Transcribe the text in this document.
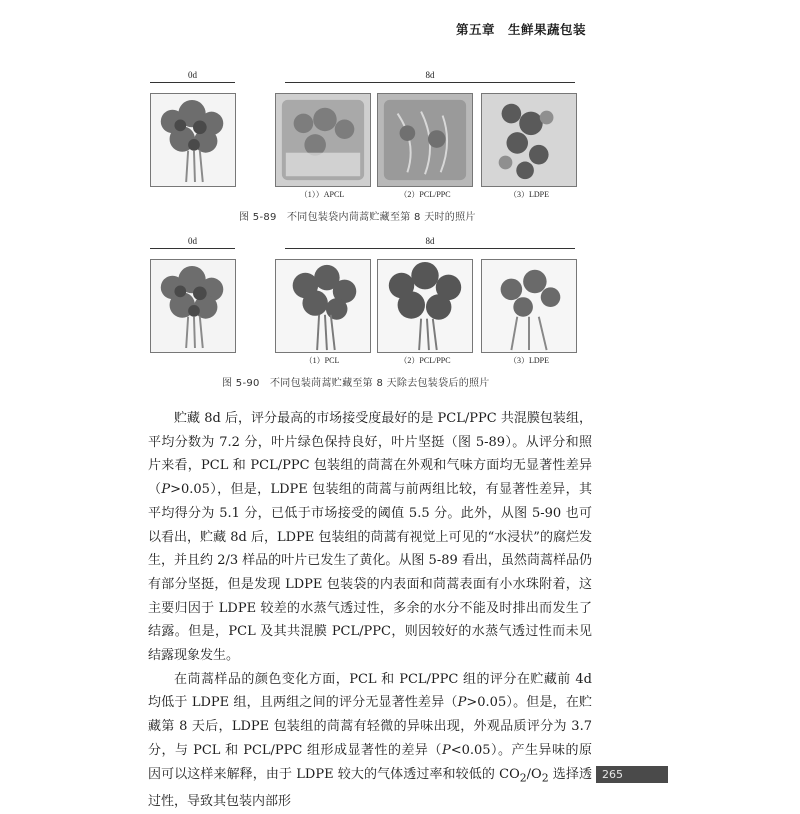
第五章　生鲜果蔬包装
0d	8d
（1））APCL	（2）PCL/PPC	（3）LDPE
图 5-89　不同包装袋内茼蒿贮藏至第 8 天时的照片
0d	8d
（1）PCL	（2）PCL/PPC	（3）LDPE
图 5-90　不同包装茼蒿贮藏至第 8 天除去包装袋后的照片

贮藏 8d 后，评分最高的市场接受度最好的是 PCL/PPC 共混膜包装组，平均分数为 7.2 分，叶片绿色保持良好，叶片坚挺（图 5-89）。从评分和照片来看，PCL 和 PCL/PPC 包装组的茼蒿在外观和气味方面均无显著性差异（P>0.05），但是，LDPE 包装组的茼蒿与前两组比较，有显著性差异，其平均得分为 5.1 分，已低于市场接受的阈值 5.5 分。此外，从图 5-90 也可以看出，贮藏 8d 后，LDPE 包装组的茼蒿有视觉上可见的“水浸状”的腐烂发生，并且约 2/3 样品的叶片已发生了黄化。从图 5-89 看出，虽然茼蒿样品仍有部分坚挺，但是发现 LDPE 包装袋的内表面和茼蒿表面有小水珠附着，这主要归因于 LDPE 较差的水蒸气透过性，多余的水分不能及时排出而发生了结露。但是，PCL 及其共混膜 PCL/PPC，则因较好的水蒸气透过性而未见结露现象发生。

在茼蒿样品的颜色变化方面，PCL 和 PCL/PPC 组的评分在贮藏前 4d 均低于 LDPE 组，且两组之间的评分无显著性差异（P>0.05）。但是，在贮藏第 8 天后，LDPE 包装组的茼蒿有轻微的异味出现，外观品质评分为 3.7 分，与 PCL 和 PCL/PPC 组形成显著性的差异（P<0.05）。产生异味的原因可以这样来解释，由于 LDPE 较大的气体透过率和较低的 $CO_2/O_2$ 选择透过性，导致其包装内部形

265
